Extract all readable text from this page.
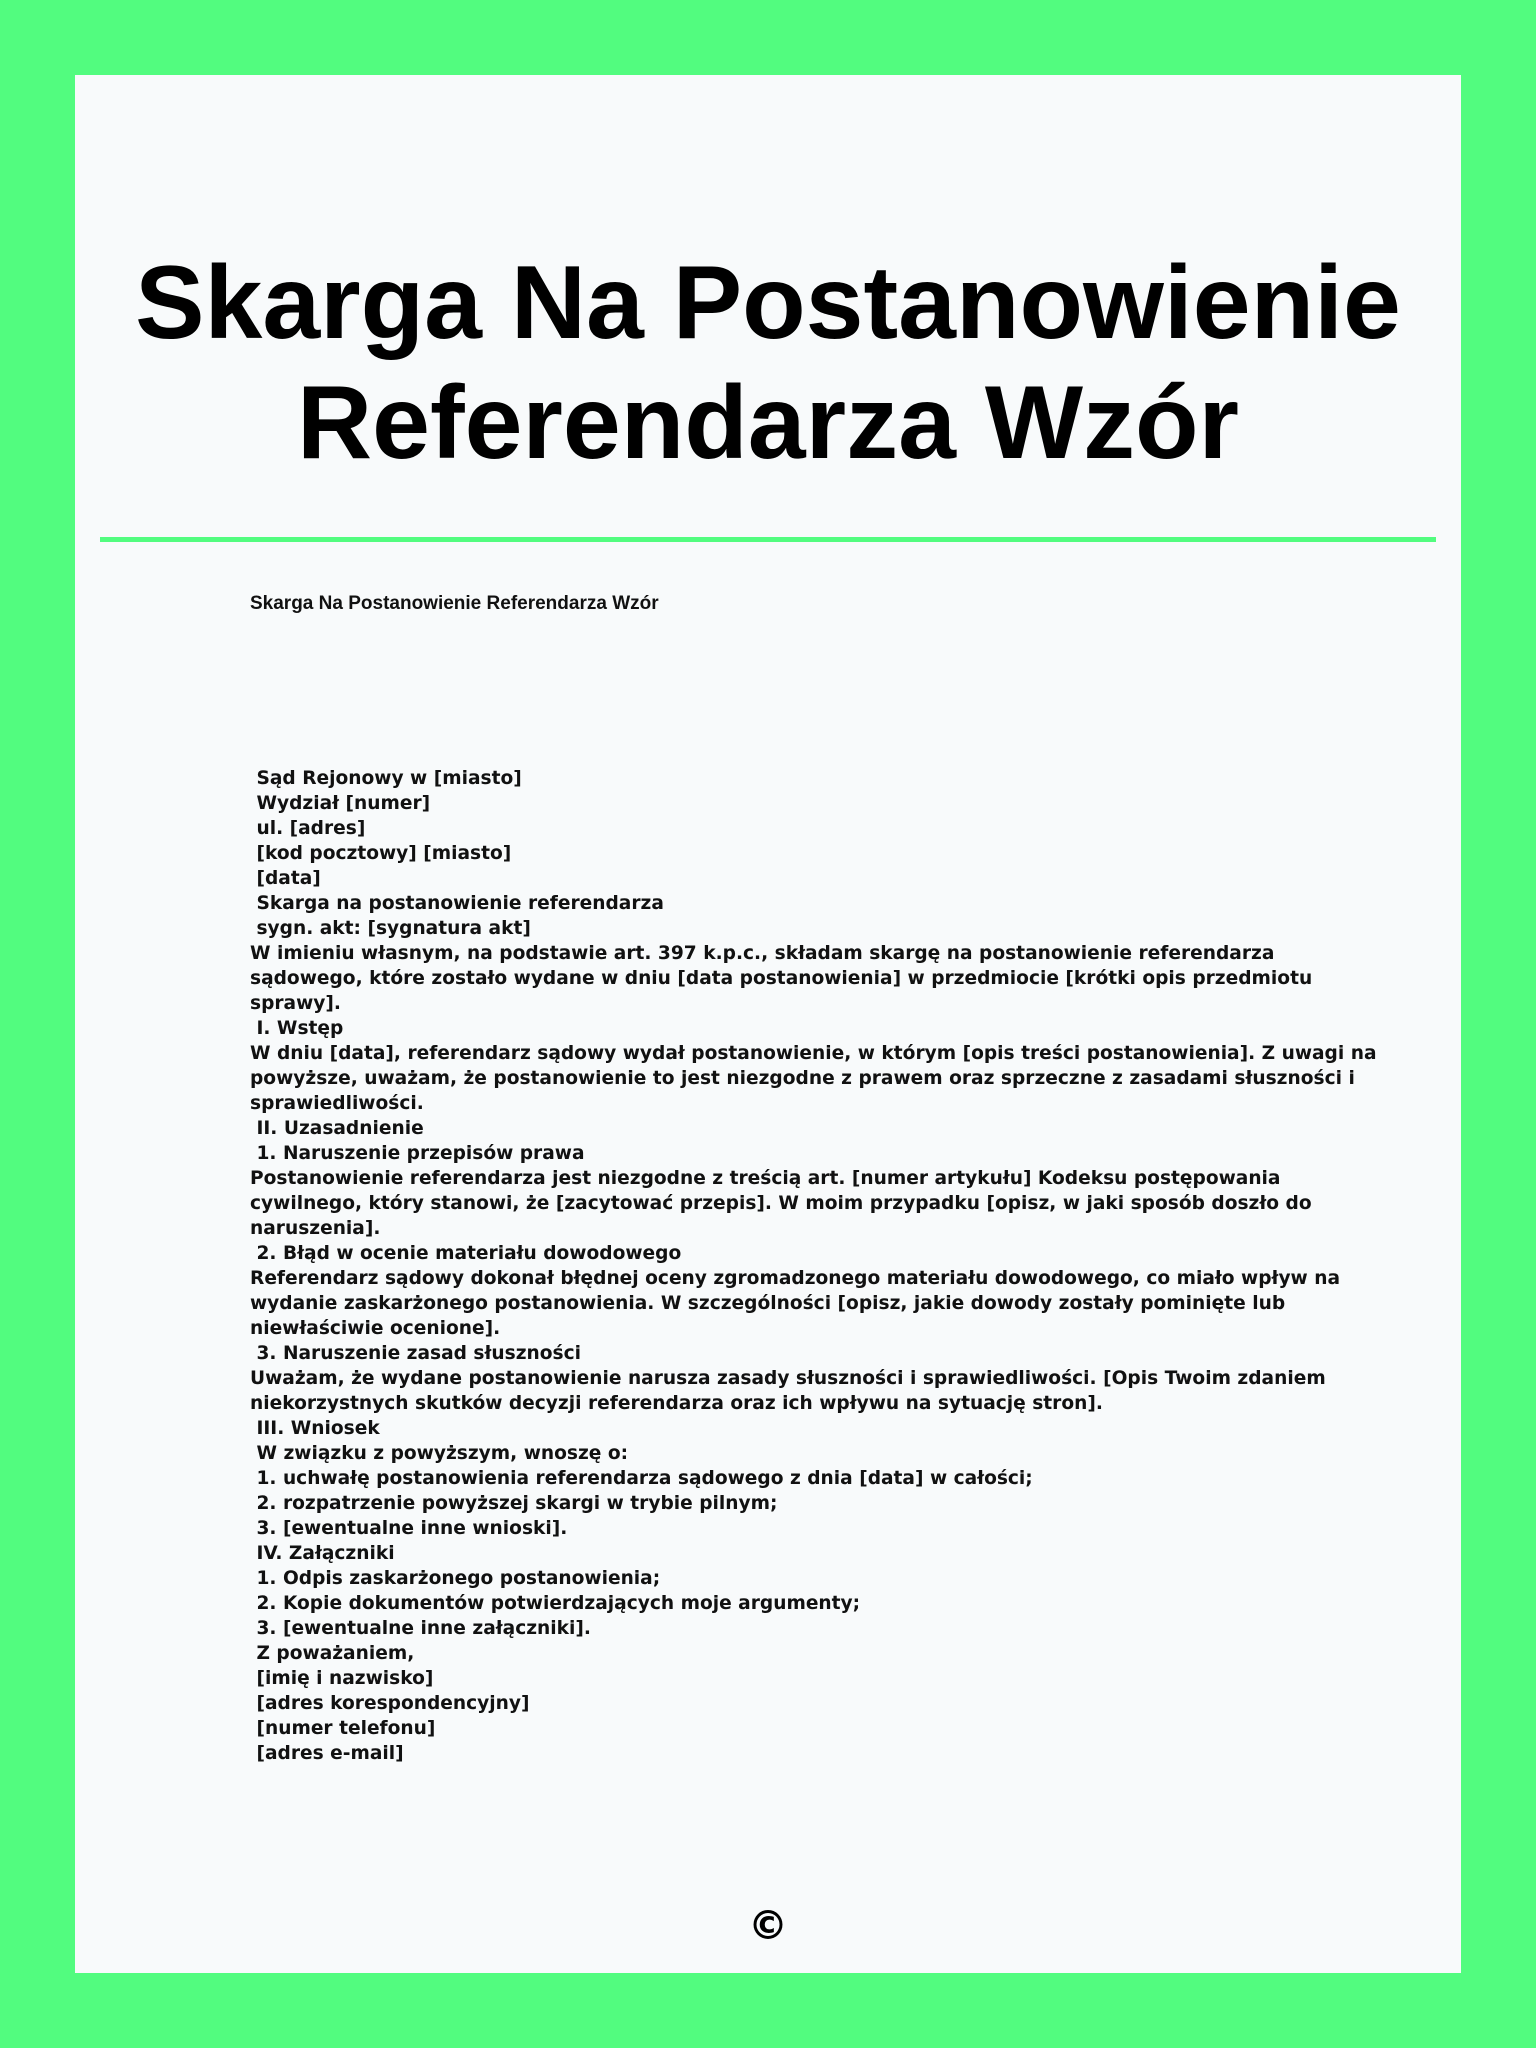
Skarga Na Postanowienie
Referendarza Wzór

Skarga Na Postanowienie Referendarza Wzór

Sąd Rejonowy w [miasto]
Wydział [numer]
ul. [adres]
[kod pocztowy] [miasto]
[data]
Skarga na postanowienie referendarza
sygn. akt: [sygnatura akt]
W imieniu własnym, na podstawie art. 397 k.p.c., składam skargę na postanowienie referendarza
sądowego, które zostało wydane w dniu [data postanowienia] w przedmiocie [krótki opis przedmiotu
sprawy].
I. Wstęp
W dniu [data], referendarz sądowy wydał postanowienie, w którym [opis treści postanowienia]. Z uwagi na
powyższe, uważam, że postanowienie to jest niezgodne z prawem oraz sprzeczne z zasadami słuszności i
sprawiedliwości.
II. Uzasadnienie
1. Naruszenie przepisów prawa
Postanowienie referendarza jest niezgodne z treścią art. [numer artykułu] Kodeksu postępowania
cywilnego, który stanowi, że [zacytować przepis]. W moim przypadku [opisz, w jaki sposób doszło do
naruszenia].
2. Błąd w ocenie materiału dowodowego
Referendarz sądowy dokonał błędnej oceny zgromadzonego materiału dowodowego, co miało wpływ na
wydanie zaskarżonego postanowienia. W szczególności [opisz, jakie dowody zostały pominięte lub
niewłaściwie ocenione].
3. Naruszenie zasad słuszności
Uważam, że wydane postanowienie narusza zasady słuszności i sprawiedliwości. [Opis Twoim zdaniem
niekorzystnych skutków decyzji referendarza oraz ich wpływu na sytuację stron].
III. Wniosek
W związku z powyższym, wnoszę o:
1. uchwałę postanowienia referendarza sądowego z dnia [data] w całości;
2. rozpatrzenie powyższej skargi w trybie pilnym;
3. [ewentualne inne wnioski].
IV. Załączniki
1. Odpis zaskarżonego postanowienia;
2. Kopie dokumentów potwierdzających moje argumenty;
3. [ewentualne inne załączniki].
Z poważaniem,
[imię i nazwisko]
[adres korespondencyjny]
[numer telefonu]
[adres e-mail]
©
